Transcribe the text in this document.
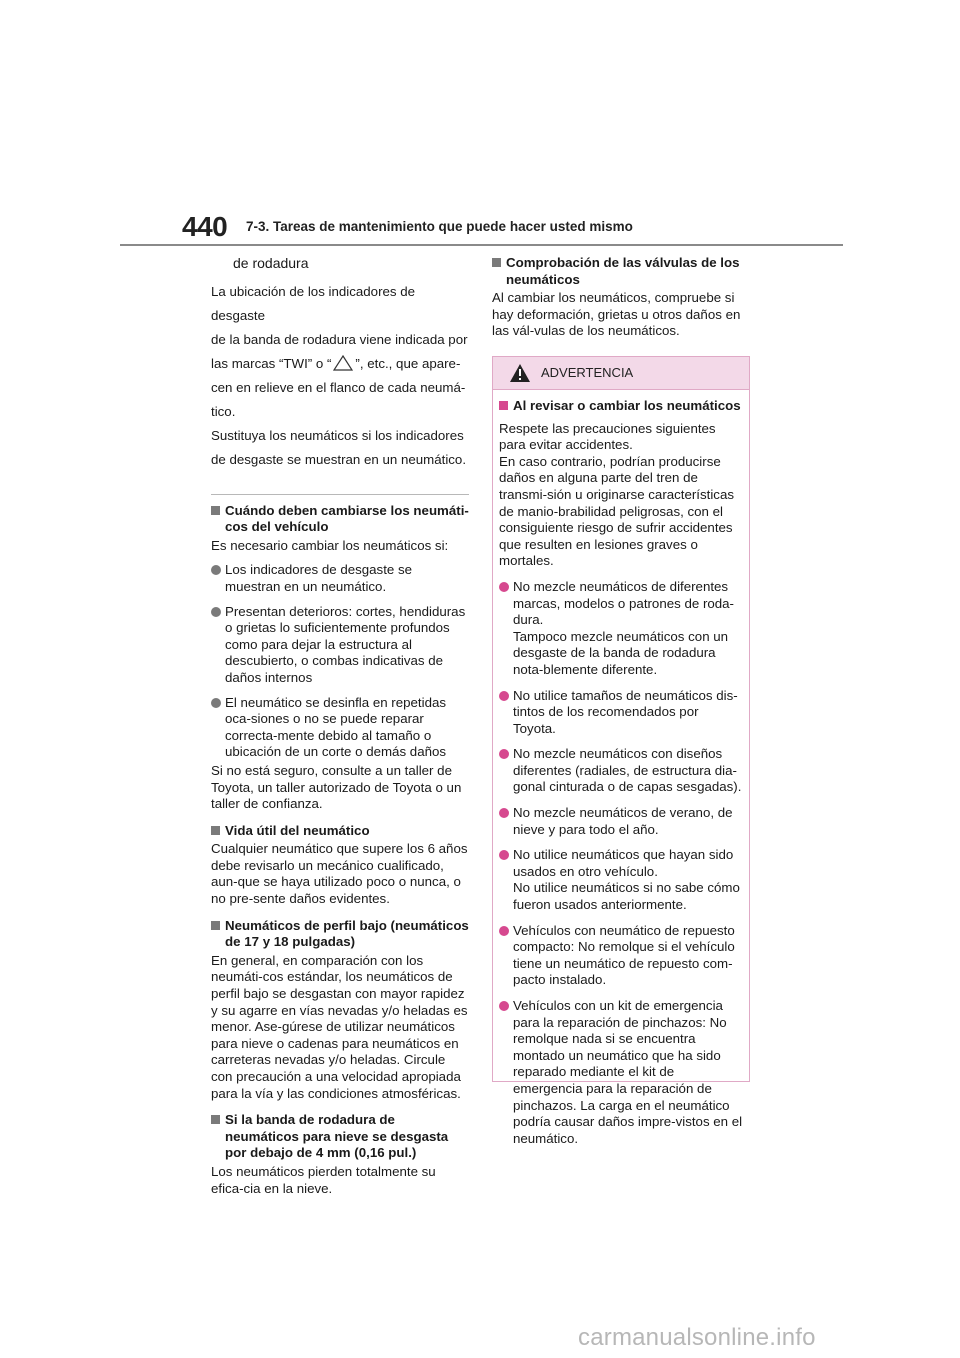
440 7-3. Tareas de mantenimiento que puede hacer usted mismo

de rodadura

La ubicación de los indicadores de desgaste

de la banda de rodadura viene indicada por

las marcas “TWI” o “ ”, etc., que apare-

cen en relieve en el flanco de cada neumá-

tico.

Sustituya los neumáticos si los indicadores

de desgaste se muestran en un neumático.

Cuándo deben cambiarse los neumáti-cos del vehículo

Es necesario cambiar los neumáticos si:

Los indicadores de desgaste se muestran en un neumático.
Presentan deterioros: cortes, hendiduras o grietas lo suficientemente profundos como para dejar la estructura al descubierto, o combas indicativas de daños internos
El neumático se desinfla en repetidas oca-siones o no se puede reparar correcta-mente debido al tamaño o ubicación de un corte o demás daños

Si no está seguro, consulte a un taller de Toyota, un taller autorizado de Toyota o un taller de confianza.

Vida útil del neumático

Cualquier neumático que supere los 6 años debe revisarlo un mecánico cualificado, aun-que se haya utilizado poco o nunca, o no pre-sente daños evidentes.

Neumáticos de perfil bajo (neumáticos de 17 y 18 pulgadas)

En general, en comparación con los neumáti-cos estándar, los neumáticos de perfil bajo se desgastan con mayor rapidez y su agarre en vías nevadas y/o heladas es menor. Ase-gúrese de utilizar neumáticos para nieve o cadenas para neumáticos en carreteras nevadas y/o heladas. Circule con precaución a una velocidad apropiada para la vía y las condiciones atmosféricas.

Si la banda de rodadura de neumáticos para nieve se desgasta por debajo de 4 mm (0,16 pul.)

Los neumáticos pierden totalmente su efica-cia en la nieve.

Comprobación de las válvulas de los neumáticos

Al cambiar los neumáticos, compruebe si hay deformación, grietas u otros daños en las vál-vulas de los neumáticos.

ADVERTENCIA
Al revisar o cambiar los neumáticos

Respete las precauciones siguientes para evitar accidentes.

En caso contrario, podrían producirse daños en alguna parte del tren de transmi-sión u originarse características de manio-brabilidad peligrosas, con el consiguiente riesgo de sufrir accidentes que resulten en lesiones graves o mortales.

No mezcle neumáticos de diferentes marcas, modelos o patrones de roda-dura.
Tampoco mezcle neumáticos con un desgaste de la banda de rodadura nota-blemente diferente.
No utilice tamaños de neumáticos dis-tintos de los recomendados por Toyota.
No mezcle neumáticos con diseños diferentes (radiales, de estructura dia-gonal cinturada o de capas sesgadas).
No mezcle neumáticos de verano, de nieve y para todo el año.
No utilice neumáticos que hayan sido usados en otro vehículo.
No utilice neumáticos si no sabe cómo fueron usados anteriormente.
Vehículos con neumático de repuesto compacto: No remolque si el vehículo tiene un neumático de repuesto com-pacto instalado.
Vehículos con un kit de emergencia para la reparación de pinchazos: No remolque nada si se encuentra montado un neumático que ha sido reparado mediante el kit de emergencia para la reparación de pinchazos. La carga en el neumático podría causar daños impre-vistos en el neumático.
carmanualsonline.info
